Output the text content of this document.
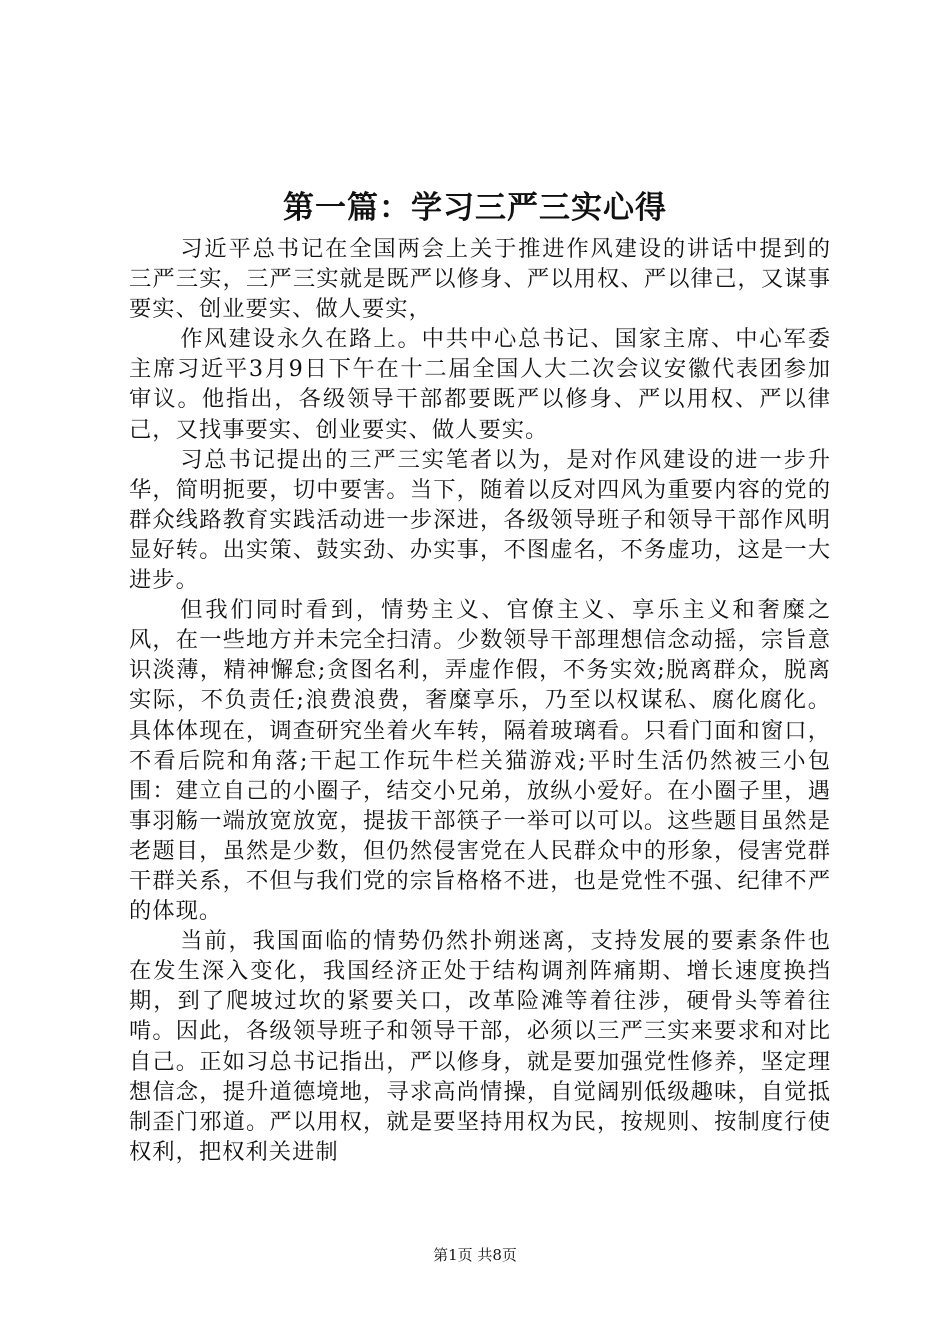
第一篇：学习三严三实心得

习近平总书记在全国两会上关于推进作风建设的讲话中提到的三严三实，三严三实就是既严以修身、严以用权、严以律己，又谋事要实、创业要实、做人要实，

作风建设永久在路上。中共中心总书记、国家主席、中心军委主席习近平3月9日下午在十二届全国人大二次会议安徽代表团参加审议。他指出，各级领导干部都要既严以修身、严以用权、严以律己，又找事要实、创业要实、做人要实。

习总书记提出的三严三实笔者以为，是对作风建设的进一步升华，简明扼要，切中要害。当下，随着以反对四风为重要内容的党的群众线路教育实践活动进一步深进，各级领导班子和领导干部作风明显好转。出实策、鼓实劲、办实事，不图虚名，不务虚功，这是一大进步。

但我们同时看到，情势主义、官僚主义、享乐主义和奢糜之风，在一些地方并未完全扫清。少数领导干部理想信念动摇，宗旨意识淡薄，精神懈怠;贪图名利，弄虚作假，不务实效;脱离群众，脱离实际，不负责任;浪费浪费，奢糜享乐，乃至以权谋私、腐化腐化。具体体现在，调查研究坐着火车转，隔着玻璃看。只看门面和窗口，不看后院和角落;干起工作玩牛栏关猫游戏;平时生活仍然被三小包围：建立自己的小圈子，结交小兄弟，放纵小爱好。在小圈子里，遇事羽觞一端放宽放宽，提拔干部筷子一举可以可以。这些题目虽然是老题目，虽然是少数，但仍然侵害党在人民群众中的形象，侵害党群干群关系，不但与我们党的宗旨格格不进，也是党性不强、纪律不严的体现。

当前，我国面临的情势仍然扑朔迷离，支持发展的要素条件也在发生深入变化，我国经济正处于结构调剂阵痛期、增长速度换挡期，到了爬坡过坎的紧要关口，改革险滩等着往涉，硬骨头等着往啃。因此，各级领导班子和领导干部，必须以三严三实来要求和对比自己。正如习总书记指出，严以修身，就是要加强党性修养，坚定理想信念，提升道德境地，寻求高尚情操，自觉阔别低级趣味，自觉抵制歪门邪道。严以用权，就是要坚持用权为民，按规则、按制度行使权利，把权利关进制

第1页 共8页
